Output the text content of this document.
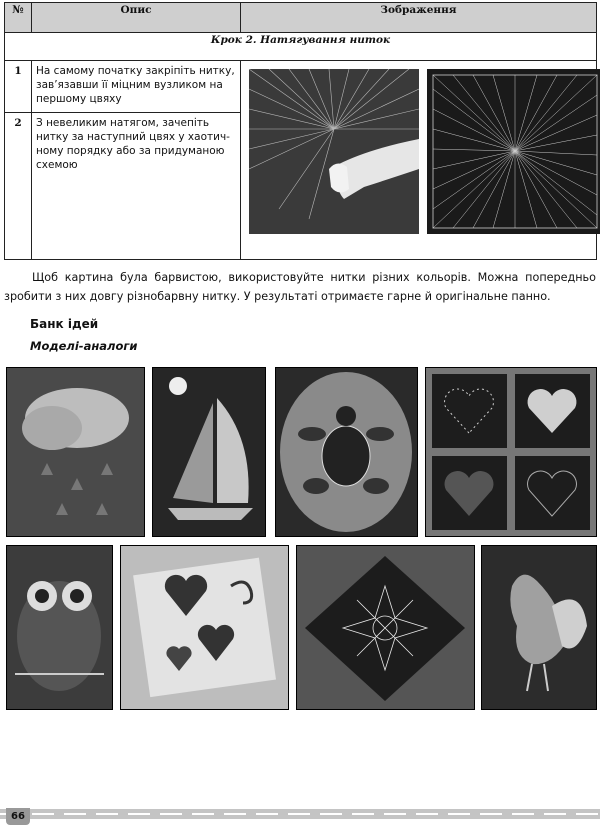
№	Опис	Зображення
Крок 2. Натягування ниток		
1	На самому початку закріпіть нитку, зав’язавши її міцним вузликом на першому цвяху	

2	З невеликим натягом, зачепіть нитку за наступний цвях у хаотичному порядку або за придуманою схемою	

Щоб картина була барвистою, використовуйте нитки різних кольорів. Можна попередньо зробити з них довгу різнобарвну нитку. У результаті отримаєте гарне й оригінальне панно.

Банк ідей
Моделі-аналоги
66
